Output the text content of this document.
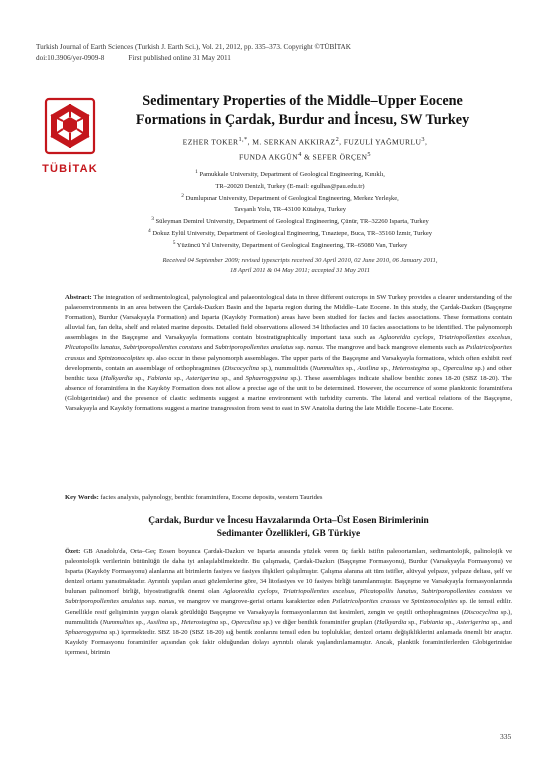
Turkish Journal of Earth Sciences (Turkish J. Earth Sci.), Vol. 21, 2012, pp. 335–373. Copyright ©TÜBİTAK
doi:10.3906/yer-0909-8	First published online 31 May 2011
TÜBİTAK
Sedimentary Properties of the Middle–Upper Eocene
Formations in Çardak, Burdur and İncesu, SW Turkey
EZHER $TOKER^{1,*}$, M. SERKAN AKKIRAZ$^2$, FUZULİ YAĞMURLU$^3$,
FUNDA AKGÜN$^4$ & SEFER ÖRÇEN$^5$
$^1$ Pamukkale University, Department of Geological Engineering, Kınıklı,
TR–20020 Denizli, Turkey (E-mail: egulhas@pau.edu.tr)
$^2$ Dumlupınar University, Department of Geological Engineering, Merkez Yerleşke,
Tavşanlı Yolu, TR–43100 Kütahya, Turkey
$^3$ Süleyman Demirel University, Department of Geological Engineering, Çünür, TR–32260 Isparta, Turkey
$^4$ Dokuz Eylül University, Department of Geological Engineering, Tınaztepe, Buca, TR–35160 İzmir, Turkey
$^5$ Yüzüncü Yıl University, Department of Geological Engineering, TR–65080 Van, Turkey
Received 04 September 2009; revised typescripts received 30 April 2010, 02 June 2010, 06 January 2011,
18 April 2011 & 04 May 2011; accepted 31 May 2011
Abstract: The integration of sedimentological, palynological and palaeontological data in three different outcrops in SW Turkey provides a clearer understanding of the palaeoenvironments in an area between the Çardak-Dazkırı Basin and the Isparta region during the Middle–Late Eocene. In this study, the Çardak-Dazkırı (Başçeşme Formation), Burdur (Varsakyayla Formation) and Isparta (Kayıköy Formation) areas have been studied for facies and facies associations. These formations contain alluvial fan, fan delta, shelf and related marine deposits. Detailed field observations allowed 34 lithofacies and 10 facies associations to be identified. The palynomorph assemblages in the Başçeşme and Varsakyayla formations contain biostratigraphically important taxa such as Aglaoreidia cyclops, Triatriopollenites excelsus, Plicatopollis lunatus, Subtriporopollenites constans and Subtriporopollenites anulatus ssp. nanus. The mangrove and back mangrove elements such as Psilatricolporites crassus and Spinizonocolpites sp. also occur in these palynomorph assemblages. The upper parts of the Başçeşme and Varsakyayla formations, which often exhibit reef developments, contain an assemblage of orthophragmines (Discocyclina sp.), nummulitids (Nummulites sp., Assilina sp., Heterostegina sp., Operculina sp.) and other benthic taxa (Halkyardia sp., Fabiania sp., Asterigerina sp., and Sphaerogypsina sp.). These assemblages indicate shallow benthic zones 18-20 (SBZ 18-20). The absence of foraminifera in the Kayıköy Formation does not allow a precise age of the unit to be determined. However, the occurrence of some planktonic foraminifera (Globigerinidae) and the presence of clastic sediments suggest a marine environment with turbidity currents. The lateral and vertical relations of the Başçeşme, Varsakyayla and Kayıköy formations suggest a marine transgression from west to east in SW Anatolia during the late Middle Eocene–Late Eocene.
Key Words: facies analysis, palynology, benthic foraminifera, Eocene deposits, western Taurides
Çardak, Burdur ve İncesu Havzalarında Orta–Üst Eosen Birimlerinin
Sedimanter Özellikleri, GB Türkiye
Özet: GB Anadolu'da, Orta–Geç Eosen boyunca Çardak-Dazkırı ve Isparta arasında yüzlek veren üç farklı istifin paleoortamları, sedimantolojik, palinolojik ve paleontolojik verilerinin bütünlüğü ile daha iyi anlaşılabilmektedir. Bu çalışmada, Çardak-Dazkırı (Başçeşme Formasyonu), Burdur (Varsakyayla Formasyonu) ve Isparta (Kayıköy Formasyonu) alanlarına ait birimlerin fasiyes ve fasiyes ilişkileri çalışılmıştır. Çalışma alanına ait tüm istifler, alüvyal yelpaze, yelpaze deltası, şelf ve denizel ortamı yansıtmaktadır. Ayrıntılı yapılan arazi gözlemlerine göre, 34 litofasiyes ve 10 fasiyes birliği tanımlanmıştır. Başçeşme ve Varsakyayla formasyonlarında bulunan palinomorf birliği, biyostratigrafik önemi olan Aglaoreidia cyclops, Triatriopollenites excelsus, Plicatopollis lunatus, Subtriporopollenites constans ve Subtriporopollenites anulatus ssp. nanus, ve mangrov ve mangrove-gerisi ortamı karakterize eden Psilatricolporites crassus ve Spinizonocolpites sp. ile temsil edilir. Genellikle resif gelişiminin yaygın olarak görüldüğü Başçeşme ve Varsakyayla formasyonlarının üst kesimleri, zengin ve çeşitli orthophragmines (Discocyclina sp.), nummulitids (Nummulites sp., Assilina sp., Heterostegina sp., Operculina sp.) ve diğer benthik foraminifer grupları (Halkyardia sp., Fabiania sp., Asterigerina sp., and Sphaerogypsina sp.) içermektedir. SBZ 18-20 (SBZ 18-20) sığ bentik zonlarını temsil eden bu topluluklar, denizel ortamı değişikliklerini anlamada önemli bir araçtır. Kayıköy Formasyonu foraminifer açısından çok fakir olduğundan dolayı ayrıntılı olarak yaşlandırılamamıştır. Ancak, planktik foraminiferlerden Globigerinidae içermesi, birimin
335
